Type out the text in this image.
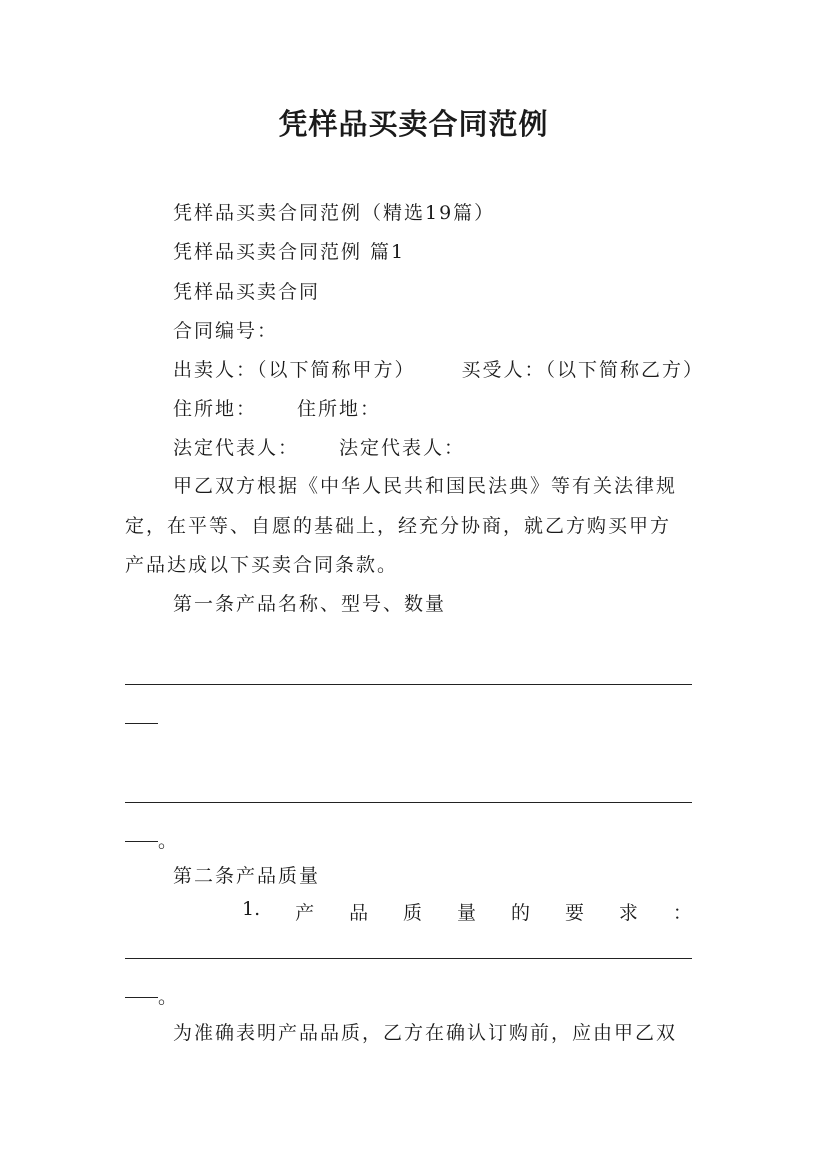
凭样品买卖合同范例
凭样品买卖合同范例（精选19篇）
凭样品买卖合同范例 篇1
凭样品买卖合同
合同编号：
出卖人：（以下简称甲方） 买受人：（以下简称乙方）
住所地： 住所地：
法定代表人： 法定代表人：
甲乙双方根据《中华人民共和国民法典》等有关法律规
定，在平等、自愿的基础上，经充分协商，就乙方购买甲方
产品达成以下买卖合同条款。
第一条产品名称、型号、数量
。
第二条产品质量
1. 产 品 质 量 的 要 求 ：
。
为准确表明产品品质，乙方在确认订购前，应由甲乙双
